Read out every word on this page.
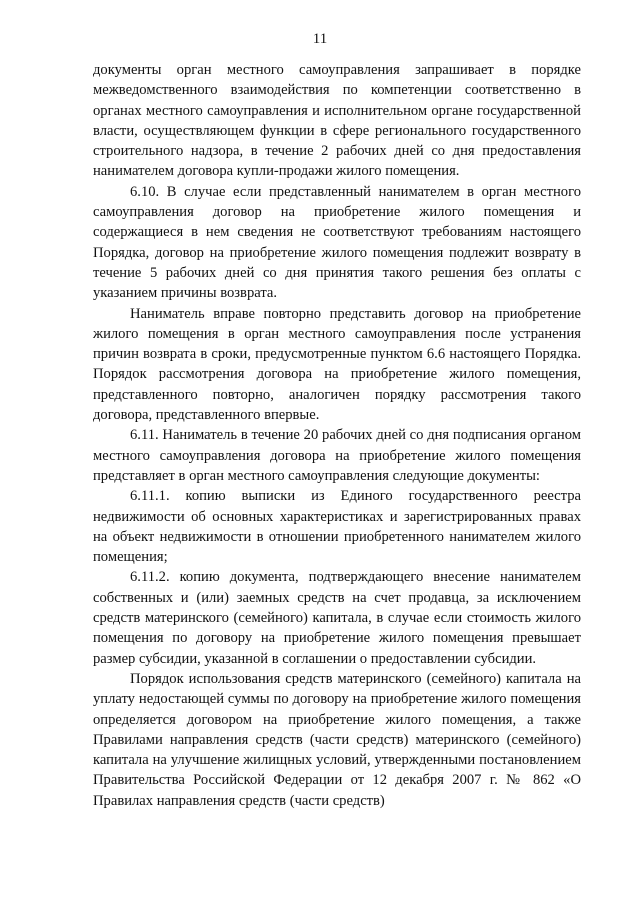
11

документы орган местного самоуправления запрашивает в порядке межведомственного взаимодействия по компетенции соответственно в органах местного самоуправления и исполнительном органе государственной власти, осуществляющем функции в сфере регионального государственного строительного надзора, в течение 2 рабочих дней со дня предоставления нанимателем договора купли-продажи жилого помещения.

6.10. В случае если представленный нанимателем в орган местного самоуправления договор на приобретение жилого помещения и содержащиеся в нем сведения не соответствуют требованиям настоящего Порядка, договор на приобретение жилого помещения подлежит возврату в течение 5 рабочих дней со дня принятия такого решения без оплаты с указанием причины возврата.

Наниматель вправе повторно представить договор на приобретение жилого помещения в орган местного самоуправления после устранения причин возврата в сроки, предусмотренные пунктом 6.6 настоящего Порядка. Порядок рассмотрения договора на приобретение жилого помещения, представленного повторно, аналогичен порядку рассмотрения такого договора, представленного впервые.

6.11. Наниматель в течение 20 рабочих дней со дня подписания органом местного самоуправления договора на приобретение жилого помещения представляет в орган местного самоуправления следующие документы:

6.11.1. копию выписки из Единого государственного реестра недвижимости об основных характеристиках и зарегистрированных правах на объект недвижимости в отношении приобретенного нанимателем жилого помещения;

6.11.2. копию документа, подтверждающего внесение нанимателем собственных и (или) заемных средств на счет продавца, за исключением средств материнского (семейного) капитала, в случае если стоимость жилого помещения по договору на приобретение жилого помещения превышает размер субсидии, указанной в соглашении о предоставлении субсидии.

Порядок использования средств материнского (семейного) капитала на уплату недостающей суммы по договору на приобретение жилого помещения определяется договором на приобретение жилого помещения, а также Правилами направления средств (части средств) материнского (семейного) капитала на улучшение жилищных условий, утвержденными постановлением Правительства Российской Федерации от 12 декабря 2007 г. № 862 «О Правилах направления средств (части средств)
